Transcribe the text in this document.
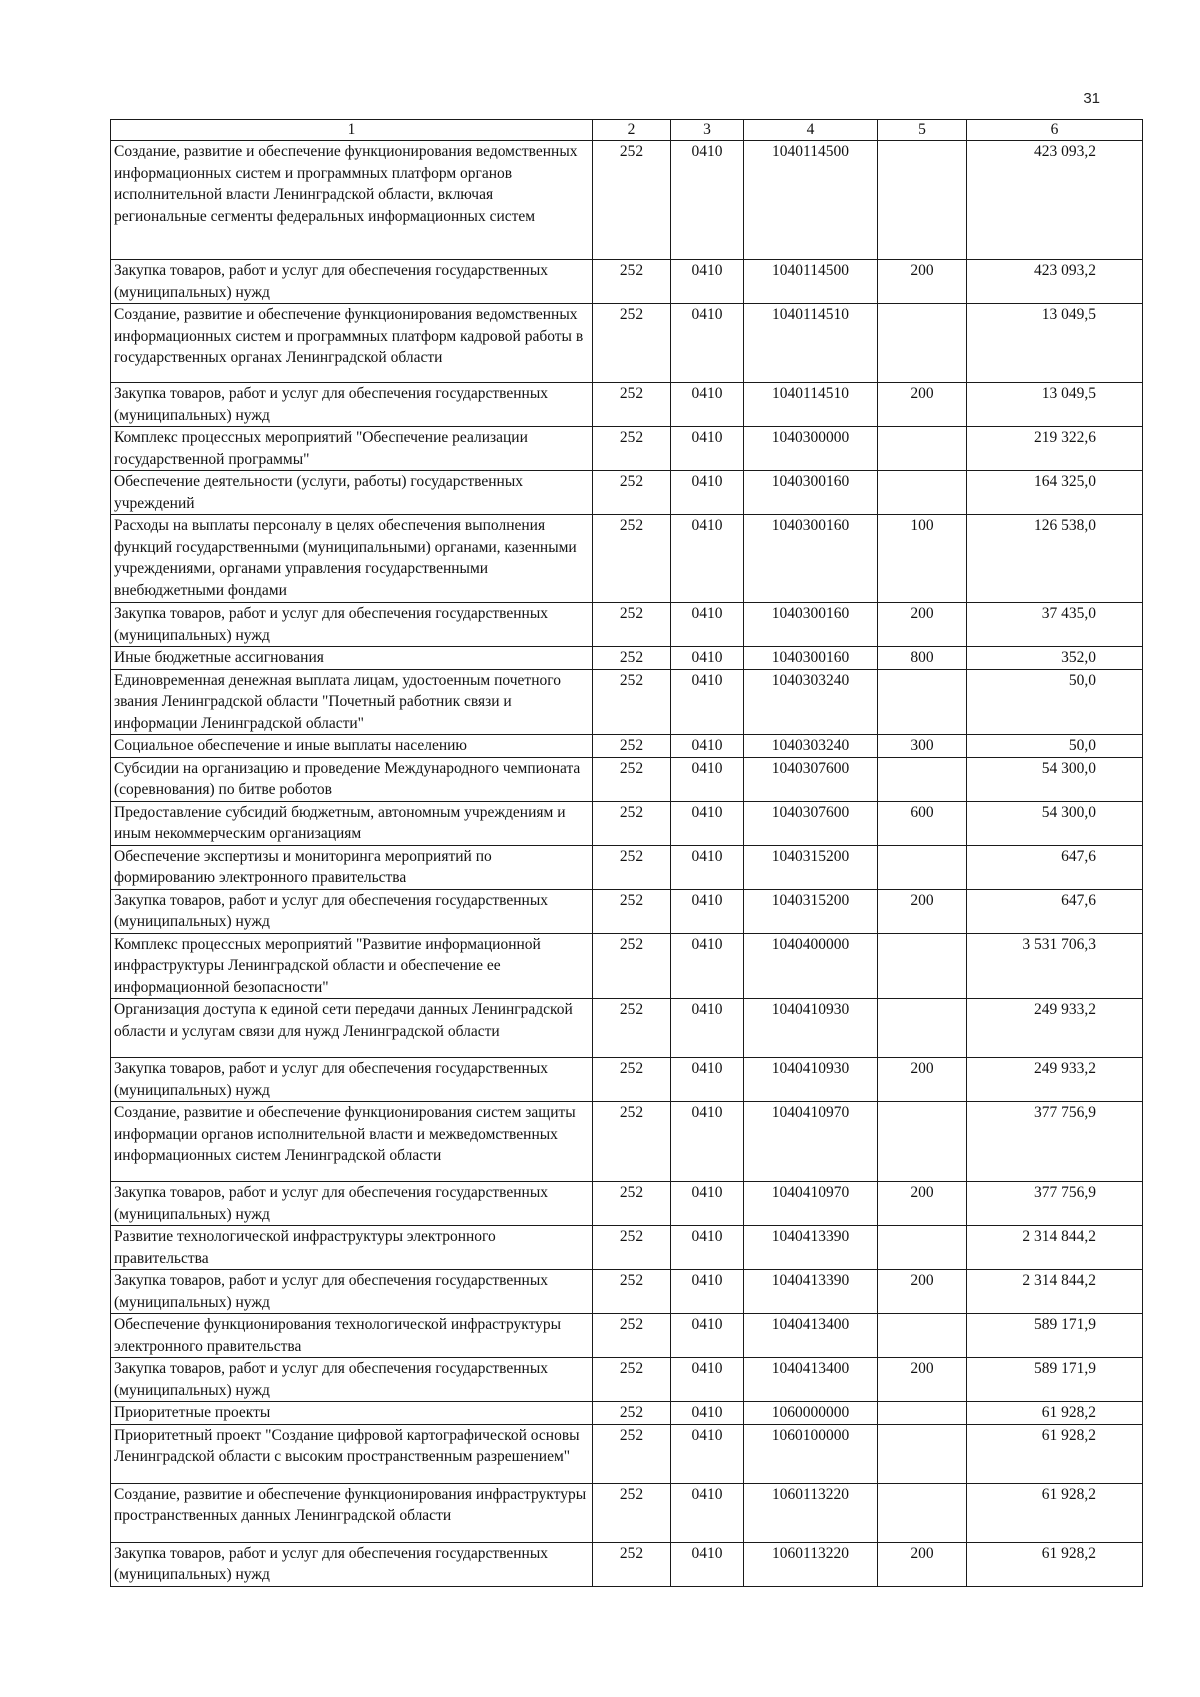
31
1	2	3	4	5	6
Создание, развитие и обеспечение функционирования ведомственных информационных систем и программных платформ органов исполнительной власти Ленинградской области, включая региональные сегменты федеральных информационных систем	252	0410	1040114500		423 093,2
Закупка товаров, работ и услуг для обеспечения государственных (муниципальных) нужд	252	0410	1040114500	200	423 093,2
Создание, развитие и обеспечение функционирования ведомственных информационных систем и программных платформ кадровой работы в государственных органах Ленинградской области	252	0410	1040114510		13 049,5
Закупка товаров, работ и услуг для обеспечения государственных (муниципальных) нужд	252	0410	1040114510	200	13 049,5
Комплекс процессных мероприятий "Обеспечение реализации государственной программы"	252	0410	1040300000		219 322,6
Обеспечение деятельности (услуги, работы) государственных учреждений	252	0410	1040300160		164 325,0
Расходы на выплаты персоналу в целях обеспечения выполнения функций государственными (муниципальными) органами, казенными учреждениями, органами управления государственными внебюджетными фондами	252	0410	1040300160	100	126 538,0
Закупка товаров, работ и услуг для обеспечения государственных (муниципальных) нужд	252	0410	1040300160	200	37 435,0
Иные бюджетные ассигнования	252	0410	1040300160	800	352,0
Единовременная денежная выплата лицам, удостоенным почетного звания Ленинградской области "Почетный работник связи и информации Ленинградской области"	252	0410	1040303240		50,0
Социальное обеспечение и иные выплаты населению	252	0410	1040303240	300	50,0
Субсидии на организацию и проведение Международного чемпионата (соревнования) по битве роботов	252	0410	1040307600		54 300,0
Предоставление субсидий бюджетным, автономным учреждениям и иным некоммерческим организациям	252	0410	1040307600	600	54 300,0
Обеспечение экспертизы и мониторинга мероприятий по формированию электронного правительства	252	0410	1040315200		647,6
Закупка товаров, работ и услуг для обеспечения государственных (муниципальных) нужд	252	0410	1040315200	200	647,6
Комплекс процессных мероприятий "Развитие информационной инфраструктуры Ленинградской области и обеспечение ее информационной безопасности"	252	0410	1040400000		3 531 706,3
Организация доступа к единой сети передачи данных Ленинградской области и услугам связи для нужд Ленинградской области	252	0410	1040410930		249 933,2
Закупка товаров, работ и услуг для обеспечения государственных (муниципальных) нужд	252	0410	1040410930	200	249 933,2
Создание, развитие и обеспечение функционирования систем защиты информации органов исполнительной власти и межведомственных информационных систем Ленинградской области	252	0410	1040410970		377 756,9
Закупка товаров, работ и услуг для обеспечения государственных (муниципальных) нужд	252	0410	1040410970	200	377 756,9
Развитие технологической инфраструктуры электронного правительства	252	0410	1040413390		2 314 844,2
Закупка товаров, работ и услуг для обеспечения государственных (муниципальных) нужд	252	0410	1040413390	200	2 314 844,2
Обеспечение функционирования технологической инфраструктуры электронного правительства	252	0410	1040413400		589 171,9
Закупка товаров, работ и услуг для обеспечения государственных (муниципальных) нужд	252	0410	1040413400	200	589 171,9
Приоритетные проекты	252	0410	1060000000		61 928,2
Приоритетный проект "Создание цифровой картографической основы Ленинградской области с высоким пространственным разрешением"	252	0410	1060100000		61 928,2
Создание, развитие и обеспечение функционирования инфраструктуры пространственных данных Ленинградской области	252	0410	1060113220		61 928,2
Закупка товаров, работ и услуг для обеспечения государственных (муниципальных) нужд	252	0410	1060113220	200	61 928,2
